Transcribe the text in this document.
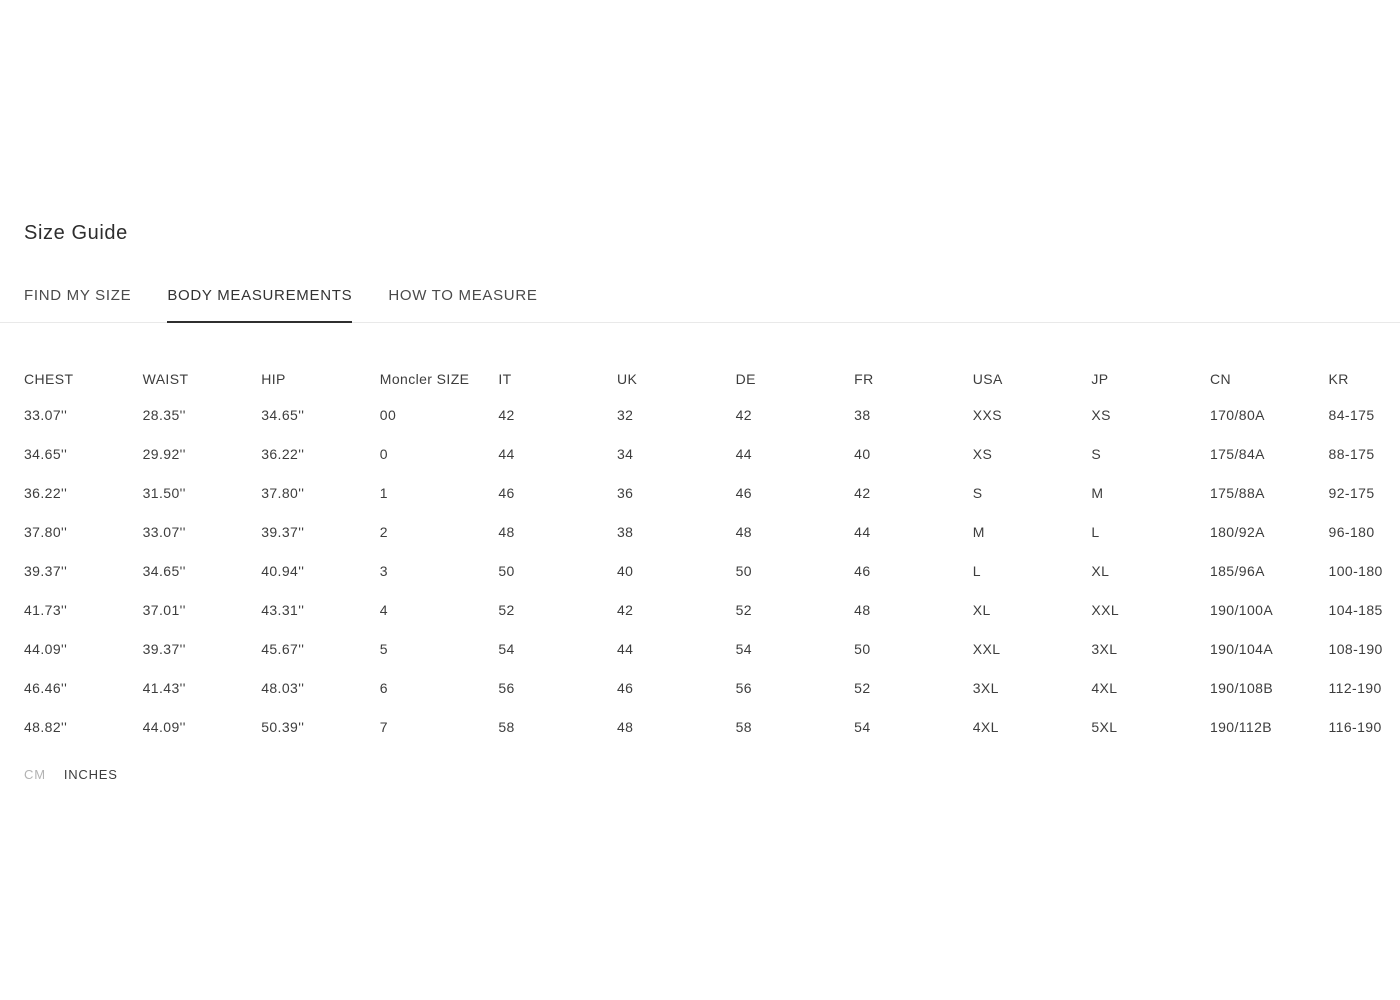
Size Guide
FIND MY SIZE BODY MEASUREMENTS HOW TO MEASURE
CHEST	WAIST	HIP	Moncler SIZE	IT	UK	DE	FR	USA	JP	CN	KR
33.07''	28.35''	34.65''	00	42	32	42	38	XXS	XS	170/80A	84-175
34.65''	29.92''	36.22''	0	44	34	44	40	XS	S	175/84A	88-175
36.22''	31.50''	37.80''	1	46	36	46	42	S	M	175/88A	92-175
37.80''	33.07''	39.37''	2	48	38	48	44	M	L	180/92A	96-180
39.37''	34.65''	40.94''	3	50	40	50	46	L	XL	185/96A	100-180
41.73''	37.01''	43.31''	4	52	42	52	48	XL	XXL	190/100A	104-185
44.09''	39.37''	45.67''	5	54	44	54	50	XXL	3XL	190/104A	108-190
46.46''	41.43''	48.03''	6	56	46	56	52	3XL	4XL	190/108B	112-190
48.82''	44.09''	50.39''	7	58	48	58	54	4XL	5XL	190/112B	116-190
CM INCHES
